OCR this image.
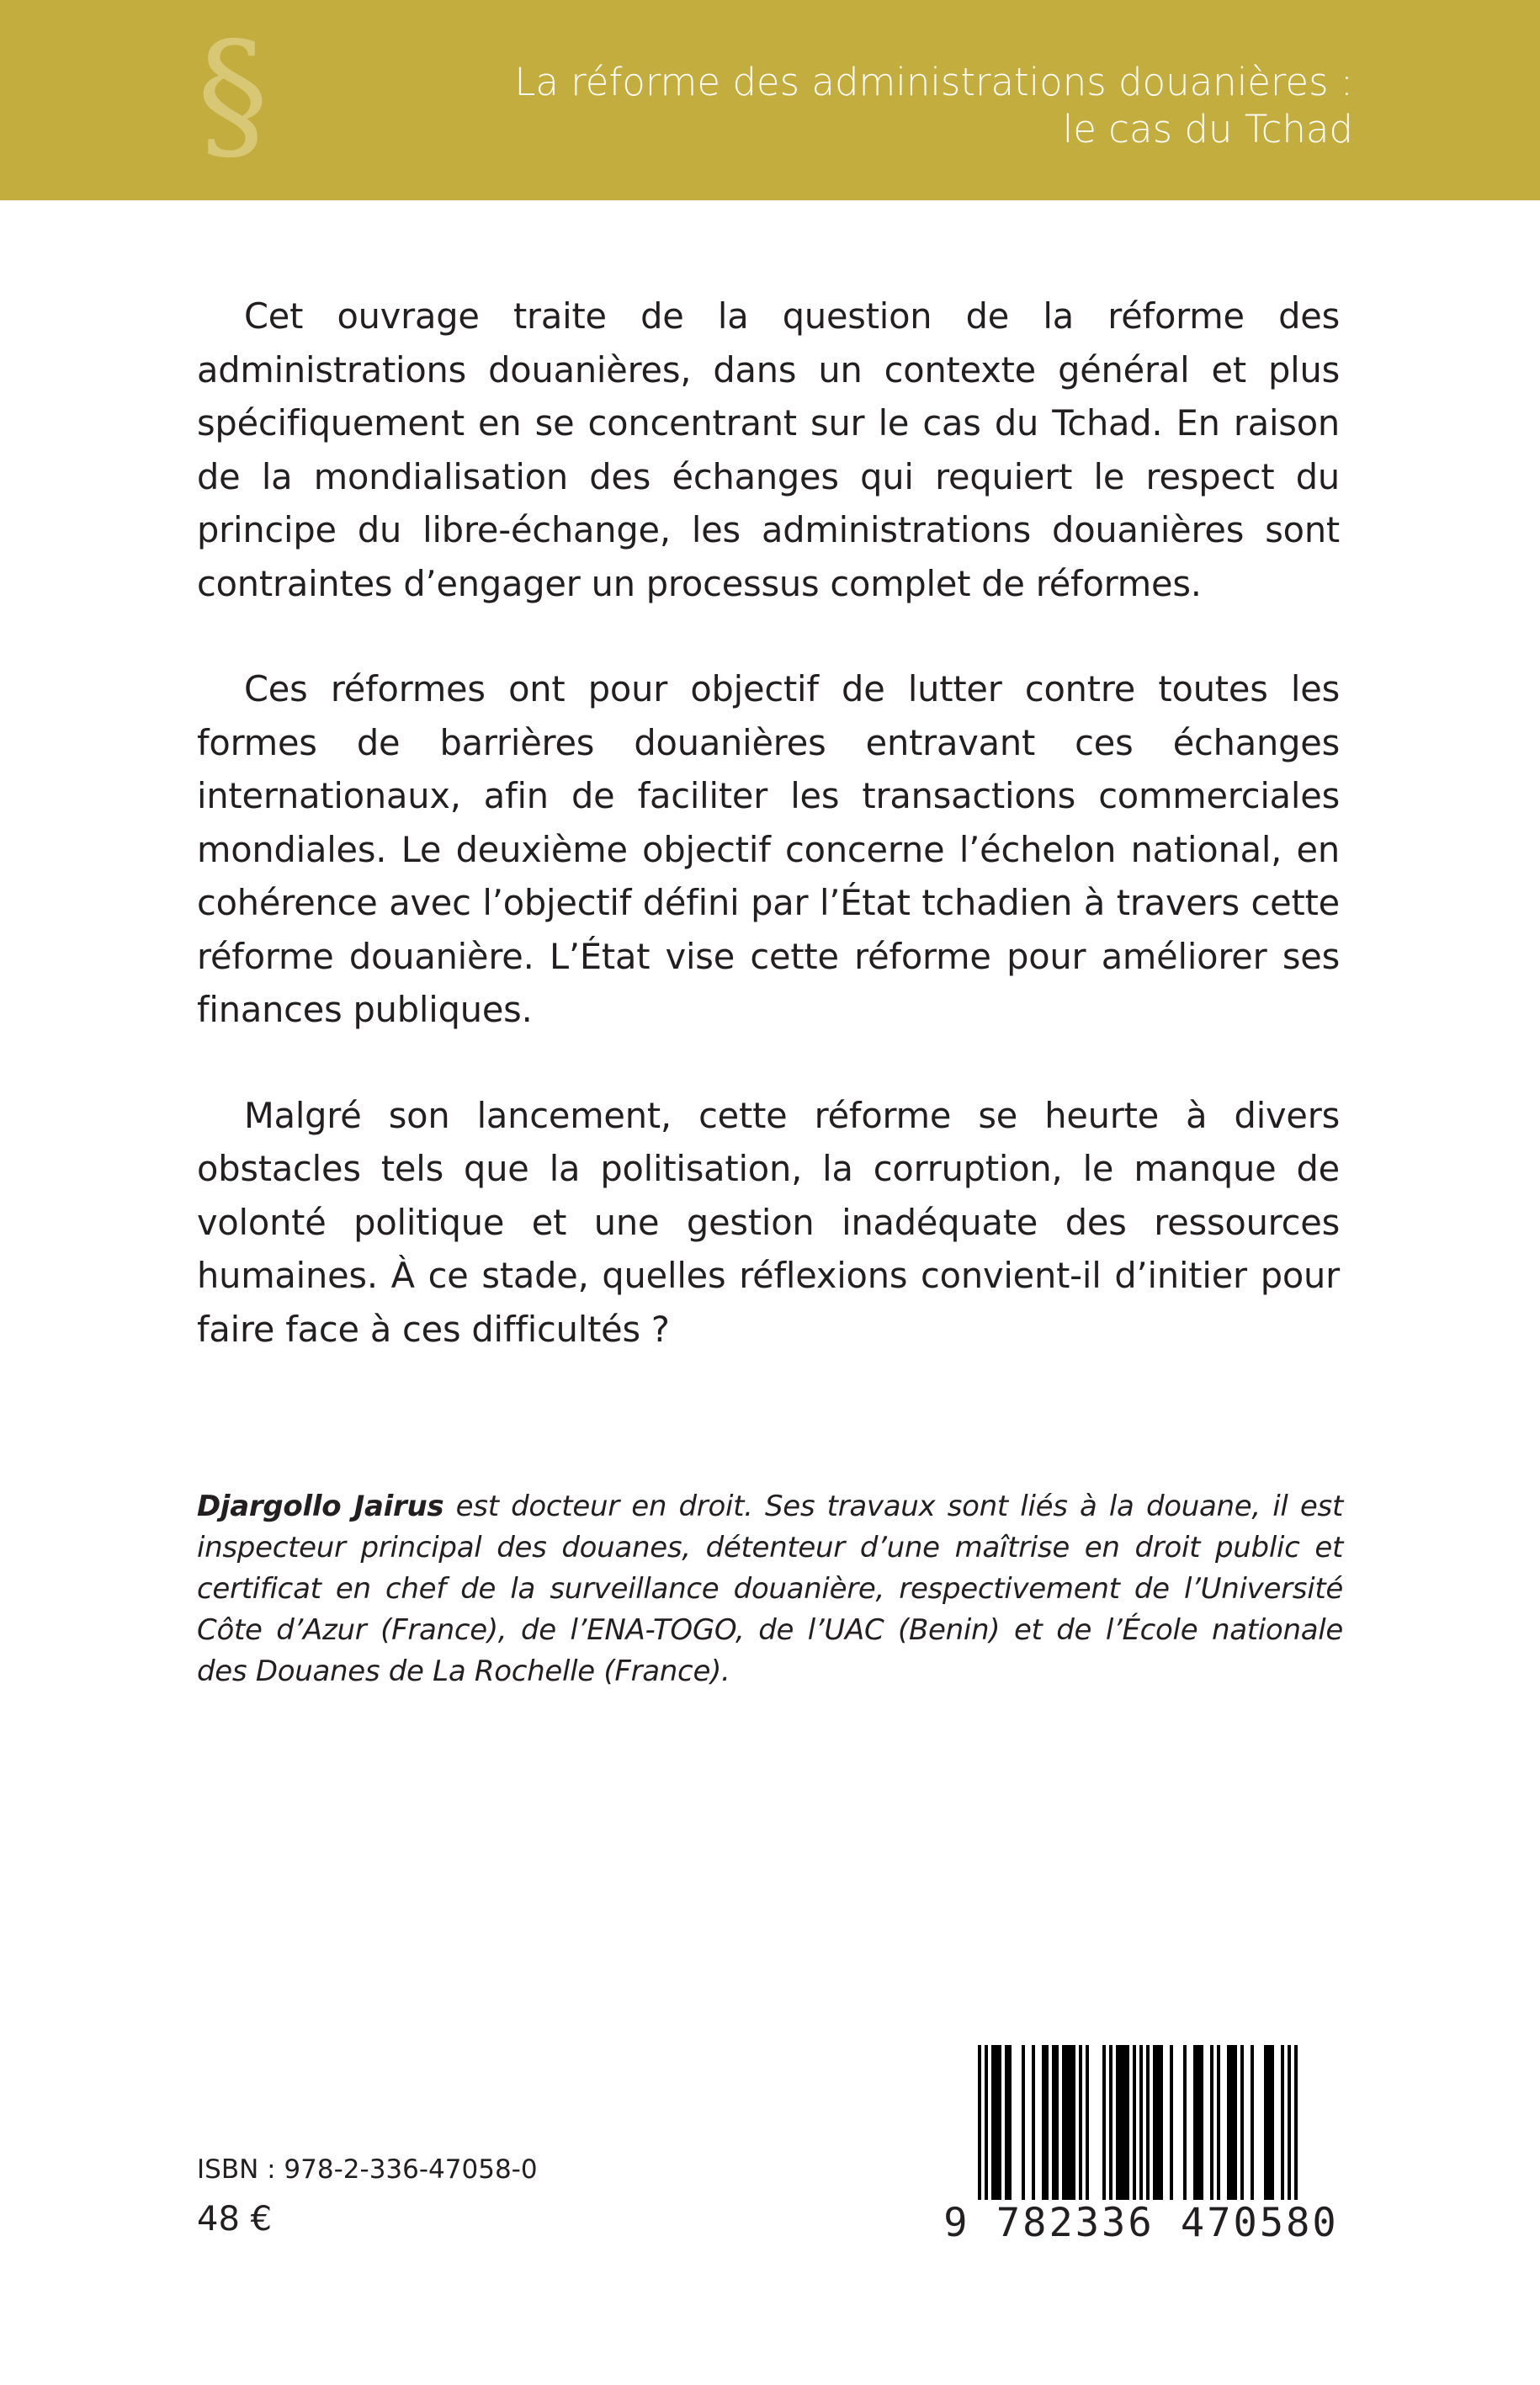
§	La réforme des administrations douanières :
le cas du Tchad

Cet ouvrage traite de la question de la réforme des administrations douanières, dans un contexte général et plus spécifiquement en se concentrant sur le cas du Tchad. En raison de la mondialisation des échanges qui requiert le respect du principe du libre-échange, les administrations douanières sont contraintes d’engager un processus complet de réformes.

Ces réformes ont pour objectif de lutter contre toutes les formes de barrières douanières entravant ces échanges internationaux, afin de faciliter les transactions commerciales mondiales. Le deuxième objectif concerne l’échelon national, en cohérence avec l’objectif défini par l’État tchadien à travers cette réforme douanière. L’État vise cette réforme pour améliorer ses finances publiques.

Malgré son lancement, cette réforme se heurte à divers obstacles tels que la politisation, la corruption, le manque de volonté politique et une gestion inadéquate des ressources humaines. À ce stade, quelles réflexions convient-il d’initier pour faire face à ces difficultés ?

Djargollo Jairus est docteur en droit. Ses travaux sont liés à la douane, il est inspecteur principal des douanes, détenteur d’une maîtrise en droit public et certificat en chef de la surveillance douanière, respectivement de l’Université Côte d’Azur (France), de l’ENA-TOGO, de l’UAC (Benin) et de l’École nationale des Douanes de La Rochelle (France).
ISBN : 978-2-336-47058-0
48 €	9 782336 470580
